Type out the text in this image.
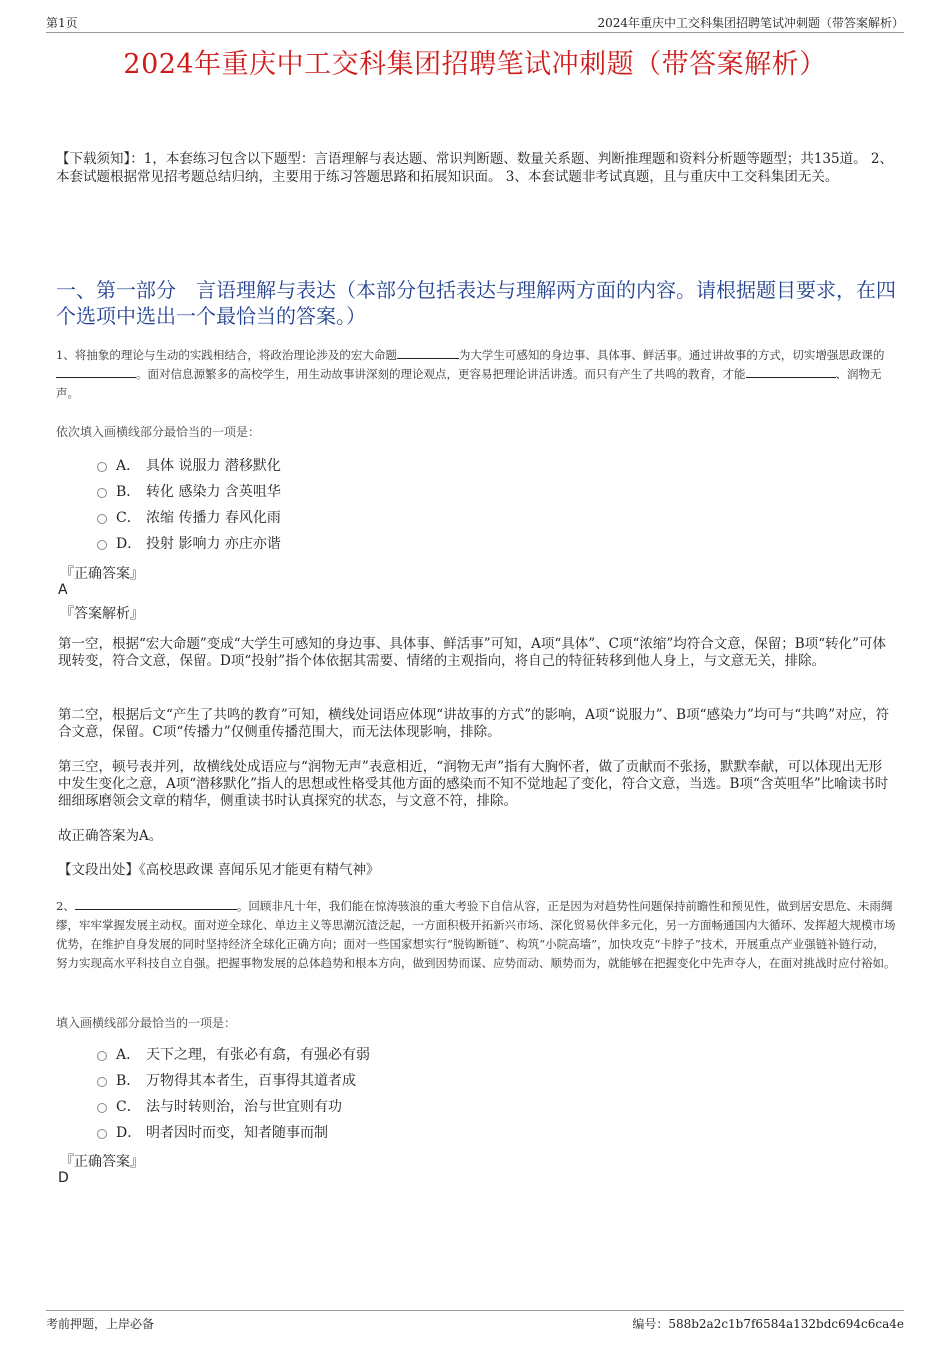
第1页	2024年重庆中工交科集团招聘笔试冲刺题（带答案解析）
2024年重庆中工交科集团招聘笔试冲刺题（带答案解析）
【下载须知】：1，本套练习包含以下题型：言语理解与表达题、常识判断题、数量关系题、判断推理题和资料分析题等题型；共135道。 2、本套试题根据常见招考题总结归纳，主要用于练习答题思路和拓展知识面。 3、本套试题非考试真题，且与重庆中工交科集团无关。
一、第一部分　言语理解与表达（本部分包括表达与理解两方面的内容。请根据题目要求，在四个选项中选出一个最恰当的答案。）
1、将抽象的理论与生动的实践相结合，将政治理论涉及的宏大命题	为大学生可感知的身边事、具体事、鲜活事。通过讲故事的方式，切实增强思政课的。面对信息源繁多的高校学生，用生动故事讲深刻的理论观点，更容易把理论讲活讲透。而只有产生了共鸣的教育，才能	、润物无声。
依次填入画横线部分最恰当的一项是：
A． 具体 说服力 潜移默化
B． 转化 感染力 含英咀华
C． 浓缩 传播力 春风化雨
D． 投射 影响力 亦庄亦谐
『正确答案』
A
『答案解析』
第一空，根据“宏大命题”变成“大学生可感知的身边事、具体事、鲜活事”可知，A项“具体”、C项“浓缩”均符合文意，保留；B项“转化”可体现转变，符合文意，保留。D项“投射”指个体依据其需要、情绪的主观指向，将自己的特征转移到他人身上，与文意无关，排除。
第二空，根据后文“产生了共鸣的教育”可知，横线处词语应体现“讲故事的方式”的影响，A项“说服力”、B项“感染力”均可与“共鸣”对应，符合文意，保留。C项“传播力”仅侧重传播范围大，而无法体现影响，排除。
第三空，顿号表并列，故横线处成语应与“润物无声”表意相近，“润物无声”指有大胸怀者，做了贡献而不张扬，默默奉献，可以体现出无形中发生变化之意，A项“潜移默化”指人的思想或性格受其他方面的感染而不知不觉地起了变化，符合文意，当选。B项“含英咀华”比喻读书时细细琢磨领会文章的精华，侧重读书时认真探究的状态，与文意不符，排除。
故正确答案为A。
【文段出处】《高校思政课 喜闻乐见才能更有精气神》
2、	。回顾非凡十年，我们能在惊涛骇浪的重大考验下自信从容，正是因为对趋势性问题保持前瞻性和预见性，做到居安思危、未雨绸缪，牢牢掌握发展主动权。面对逆全球化、单边主义等思潮沉渣泛起，一方面积极开拓新兴市场、深化贸易伙伴多元化，另一方面畅通国内大循环、发挥超大规模市场优势，在维护自身发展的同时坚持经济全球化正确方向；面对一些国家想实行“脱钩断链”、构筑“小院高墙”，加快攻克“卡脖子”技术，开展重点产业强链补链行动，努力实现高水平科技自立自强。把握事物发展的总体趋势和根本方向，做到因势而谋、应势而动、顺势而为，就能够在把握变化中先声夺人，在面对挑战时应付裕如。
填入画横线部分最恰当的一项是：
A． 天下之理，有张必有翕，有强必有弱
B． 万物得其本者生，百事得其道者成
C． 法与时转则治，治与世宜则有功
D． 明者因时而变，知者随事而制
『正确答案』
D
考前押题，上岸必备	编号：588b2a2c1b7f6584a132bdc694c6ca4e
